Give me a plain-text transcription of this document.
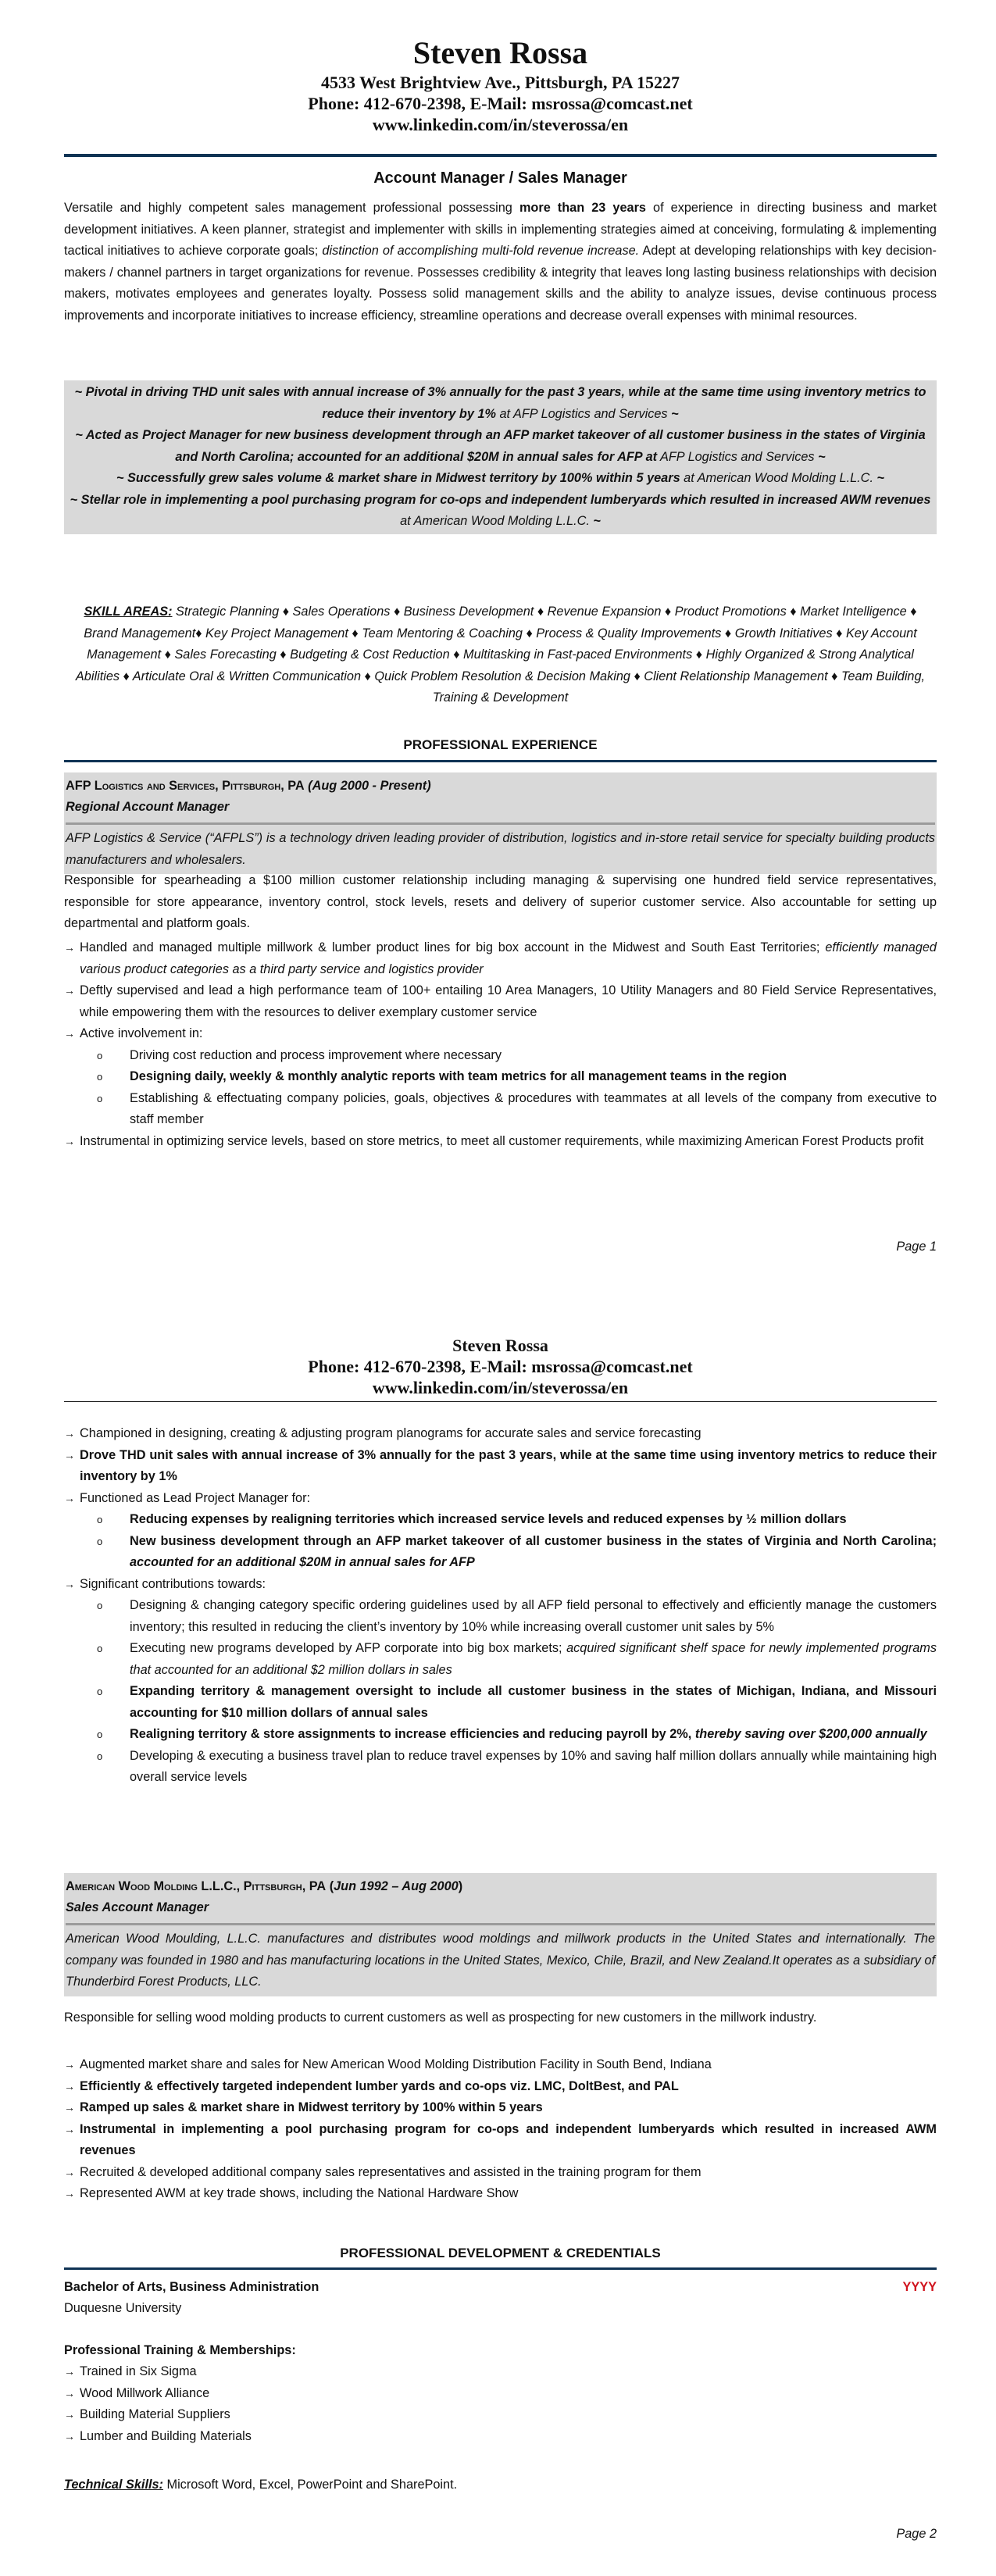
Steven Rossa
4533 West Brightview Ave., Pittsburgh, PA 15227
Phone: 412-670-2398, E-Mail: msrossa@comcast.net
www.linkedin.com/in/steverossa/en
Account Manager / Sales Manager
Versatile and highly competent sales management professional possessing more than 23 years of experience in directing business and market development initiatives. A keen planner, strategist and implementer with skills in implementing strategies aimed at conceiving, formulating & implementing tactical initiatives to achieve corporate goals; distinction of accomplishing multi-fold revenue increase. Adept at developing relationships with key decision-makers / channel partners in target organizations for revenue. Possesses credibility & integrity that leaves long lasting business relationships with decision makers, motivates employees and generates loyalty. Possess solid management skills and the ability to analyze issues, devise continuous process improvements and incorporate initiatives to increase efficiency, streamline operations and decrease overall expenses with minimal resources.
~ Pivotal in driving THD unit sales with annual increase of 3% annually for the past 3 years, while at the same time using inventory metrics to reduce their inventory by 1% at AFP Logistics and Services ~
~ Acted as Project Manager for new business development through an AFP market takeover of all customer business in the states of Virginia and North Carolina; accounted for an additional $20M in annual sales for AFP at AFP Logistics and Services ~
~ Successfully grew sales volume & market share in Midwest territory by 100% within 5 years at American Wood Molding L.L.C. ~
~ Stellar role in implementing a pool purchasing program for co-ops and independent lumberyards which resulted in increased AWM revenues at American Wood Molding L.L.C. ~
SKILL AREAS: Strategic Planning ♦ Sales Operations ♦ Business Development ♦ Revenue Expansion ♦ Product Promotions ♦ Market Intelligence ♦ Brand Management♦ Key Project Management ♦ Team Mentoring & Coaching ♦ Process & Quality Improvements ♦ Growth Initiatives ♦ Key Account Management ♦ Sales Forecasting ♦ Budgeting & Cost Reduction ♦ Multitasking in Fast-paced Environments ♦ Highly Organized & Strong Analytical Abilities ♦ Articulate Oral & Written Communication ♦ Quick Problem Resolution & Decision Making ♦ Client Relationship Management ♦ Team Building, Training & Development
PROFESSIONAL EXPERIENCE
AFP Logistics and Services, Pittsburgh, PA (Aug 2000 - Present)
Regional Account Manager
AFP Logistics & Service (“AFPLS”) is a technology driven leading provider of distribution, logistics and in-store retail service for specialty building products manufacturers and wholesalers.
Responsible for spearheading a $100 million customer relationship including managing & supervising one hundred field service representatives, responsible for store appearance, inventory control, stock levels, resets and delivery of superior customer service. Also accountable for setting up departmental and platform goals.
→ Handled and managed multiple millwork & lumber product lines for big box account in the Midwest and South East Territories; efficiently managed various product categories as a third party service and logistics provider
→ Deftly supervised and lead a high performance team of 100+ entailing 10 Area Managers, 10 Utility Managers and 80 Field Service Representatives, while empowering them with the resources to deliver exemplary customer service
→ Active involvement in:
o Driving cost reduction and process improvement where necessary
o Designing daily, weekly & monthly analytic reports with team metrics for all management teams in the region
o Establishing & effectuating company policies, goals, objectives & procedures with teammates at all levels of the company from executive to staff member
→ Instrumental in optimizing service levels, based on store metrics, to meet all customer requirements, while maximizing American Forest Products profit
Page 1
Steven Rossa
Phone: 412-670-2398, E-Mail: msrossa@comcast.net
www.linkedin.com/in/steverossa/en
→ Championed in designing, creating & adjusting program planograms for accurate sales and service forecasting
→ Drove THD unit sales with annual increase of 3% annually for the past 3 years, while at the same time using inventory metrics to reduce their inventory by 1%
→ Functioned as Lead Project Manager for:
o Reducing expenses by realigning territories which increased service levels and reduced expenses by ½ million dollars
o New business development through an AFP market takeover of all customer business in the states of Virginia and North Carolina; accounted for an additional $20M in annual sales for AFP
→ Significant contributions towards:
o Designing & changing category specific ordering guidelines used by all AFP field personal to effectively and efficiently manage the customers inventory; this resulted in reducing the client’s inventory by 10% while increasing overall customer unit sales by 5%
o Executing new programs developed by AFP corporate into big box markets; acquired significant shelf space for newly implemented programs that accounted for an additional $2 million dollars in sales
o Expanding territory & management oversight to include all customer business in the states of Michigan, Indiana, and Missouri accounting for $10 million dollars of annual sales
o Realigning territory & store assignments to increase efficiencies and reducing payroll by 2%, thereby saving over $200,000 annually
o Developing & executing a business travel plan to reduce travel expenses by 10% and saving half million dollars annually while maintaining high overall service levels
American Wood Molding L.L.C., Pittsburgh, PA (Jun 1992 – Aug 2000)
Sales Account Manager
American Wood Moulding, L.L.C. manufactures and distributes wood moldings and millwork products in the United States and internationally. The company was founded in 1980 and has manufacturing locations in the United States, Mexico, Chile, Brazil, and New Zealand.It operates as a subsidiary of Thunderbird Forest Products, LLC.
Responsible for selling wood molding products to current customers as well as prospecting for new customers in the millwork industry.
→ Augmented market share and sales for New American Wood Molding Distribution Facility in South Bend, Indiana
→ Efficiently & effectively targeted independent lumber yards and co-ops viz. LMC, DoltBest, and PAL
→ Ramped up sales & market share in Midwest territory by 100% within 5 years
→ Instrumental in implementing a pool purchasing program for co-ops and independent lumberyards which resulted in increased AWM revenues
→ Recruited & developed additional company sales representatives and assisted in the training program for them
→ Represented AWM at key trade shows, including the National Hardware Show
PROFESSIONAL DEVELOPMENT & CREDENTIALS
Bachelor of Arts, Business Administration	YYYY
Duquesne University
Professional Training & Memberships:
→ Trained in Six Sigma
→ Wood Millwork Alliance
→ Building Material Suppliers
→ Lumber and Building Materials
Technical Skills: Microsoft Word, Excel, PowerPoint and SharePoint.
Page 2
